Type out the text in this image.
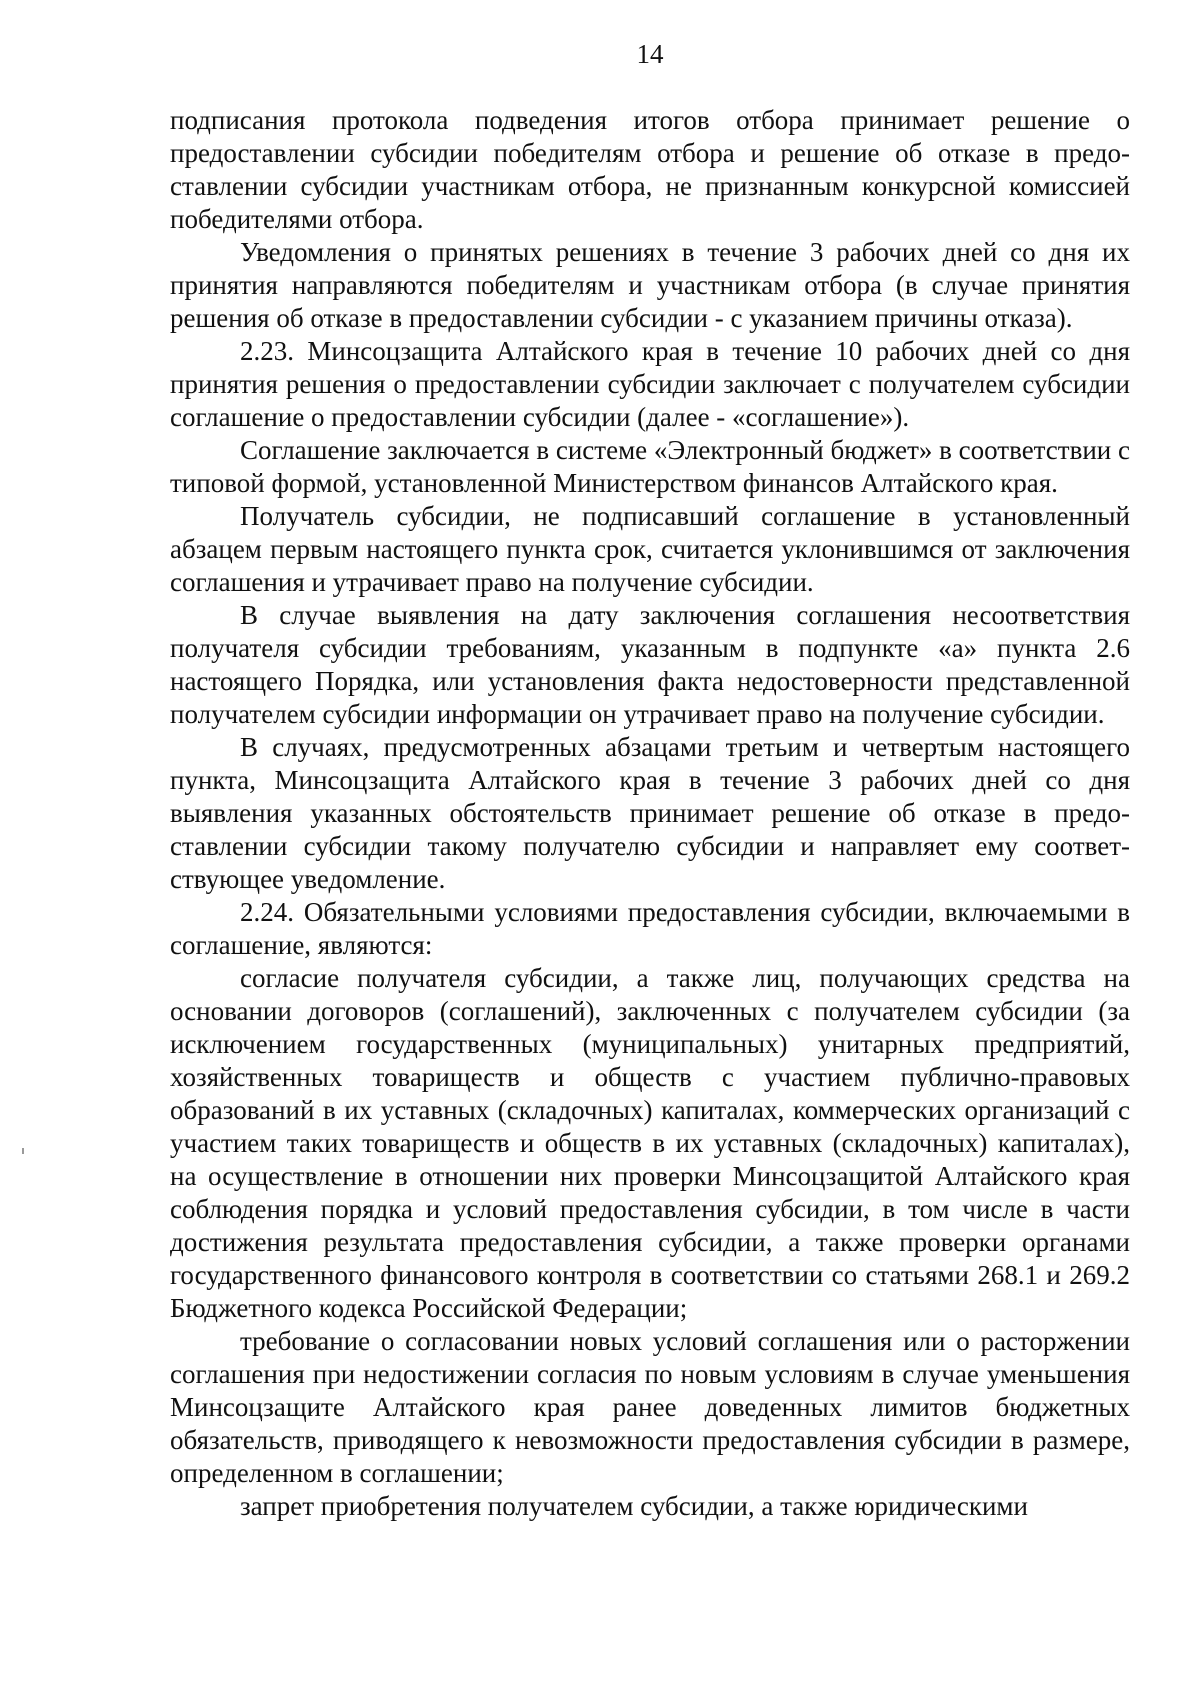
14

подписания протокола подведения итогов отбора принимает решение о предоставлении субсидии победителям отбора и решение об отказе в предоставлении субсидии участникам отбора, не признанным конкурсной комиссией победителями отбора.

Уведомления о принятых решениях в течение 3 рабочих дней со дня их принятия направляются победителям и участникам отбора (в случае принятия решения об отказе в предоставлении субсидии - с указанием причины отказа).

2.23. Минсоцзащита Алтайского края в течение 10 рабочих дней со дня принятия решения о предоставлении субсидии заключает с получателем субсидии соглашение о предоставлении субсидии (далее - «соглашение»).

Соглашение заключается в системе «Электронный бюджет» в соответствии с типовой формой, установленной Министерством финансов Алтайского края.

Получатель субсидии, не подписавший соглашение в установленный абзацем первым настоящего пункта срок, считается уклонившимся от заключения соглашения и утрачивает право на получение субсидии.

В случае выявления на дату заключения соглашения несоответствия получателя субсидии требованиям, указанным в подпункте «а» пункта 2.6 настоящего Порядка, или установления факта недостоверности представленной получателем субсидии информации он утрачивает право на получение субсидии.

В случаях, предусмотренных абзацами третьим и четвертым настоящего пункта, Минсоцзащита Алтайского края в течение 3 рабочих дней со дня выявления указанных обстоятельств принимает решение об отказе в предоставлении субсидии такому получателю субсидии и направляет ему соответствующее уведомление.

2.24. Обязательными условиями предоставления субсидии, включаемыми в соглашение, являются:

согласие получателя субсидии, а также лиц, получающих средства на основании договоров (соглашений), заключенных с получателем субсидии (за исключением государственных (муниципальных) унитарных предприятий, хозяйственных товариществ и обществ с участием публично-правовых образований в их уставных (складочных) капиталах, коммерческих организаций с участием таких товариществ и обществ в их уставных (складочных) капиталах), на осуществление в отношении них проверки Минсоцзащитой Алтайского края соблюдения порядка и условий предоставления субсидии, в том числе в части достижения результата предоставления субсидии, а также проверки органами государственного финансового контроля в соответствии со статьями 268.1 и 269.2 Бюджетного кодекса Российской Федерации;

требование о согласовании новых условий соглашения или о расторжении соглашения при недостижении согласия по новым условиям в случае уменьшения Минсоцзащите Алтайского края ранее доведенных лимитов бюджетных обязательств, приводящего к невозможности предоставления субсидии в размере, определенном в соглашении;

запрет приобретения получателем субсидии, а также юридическими
